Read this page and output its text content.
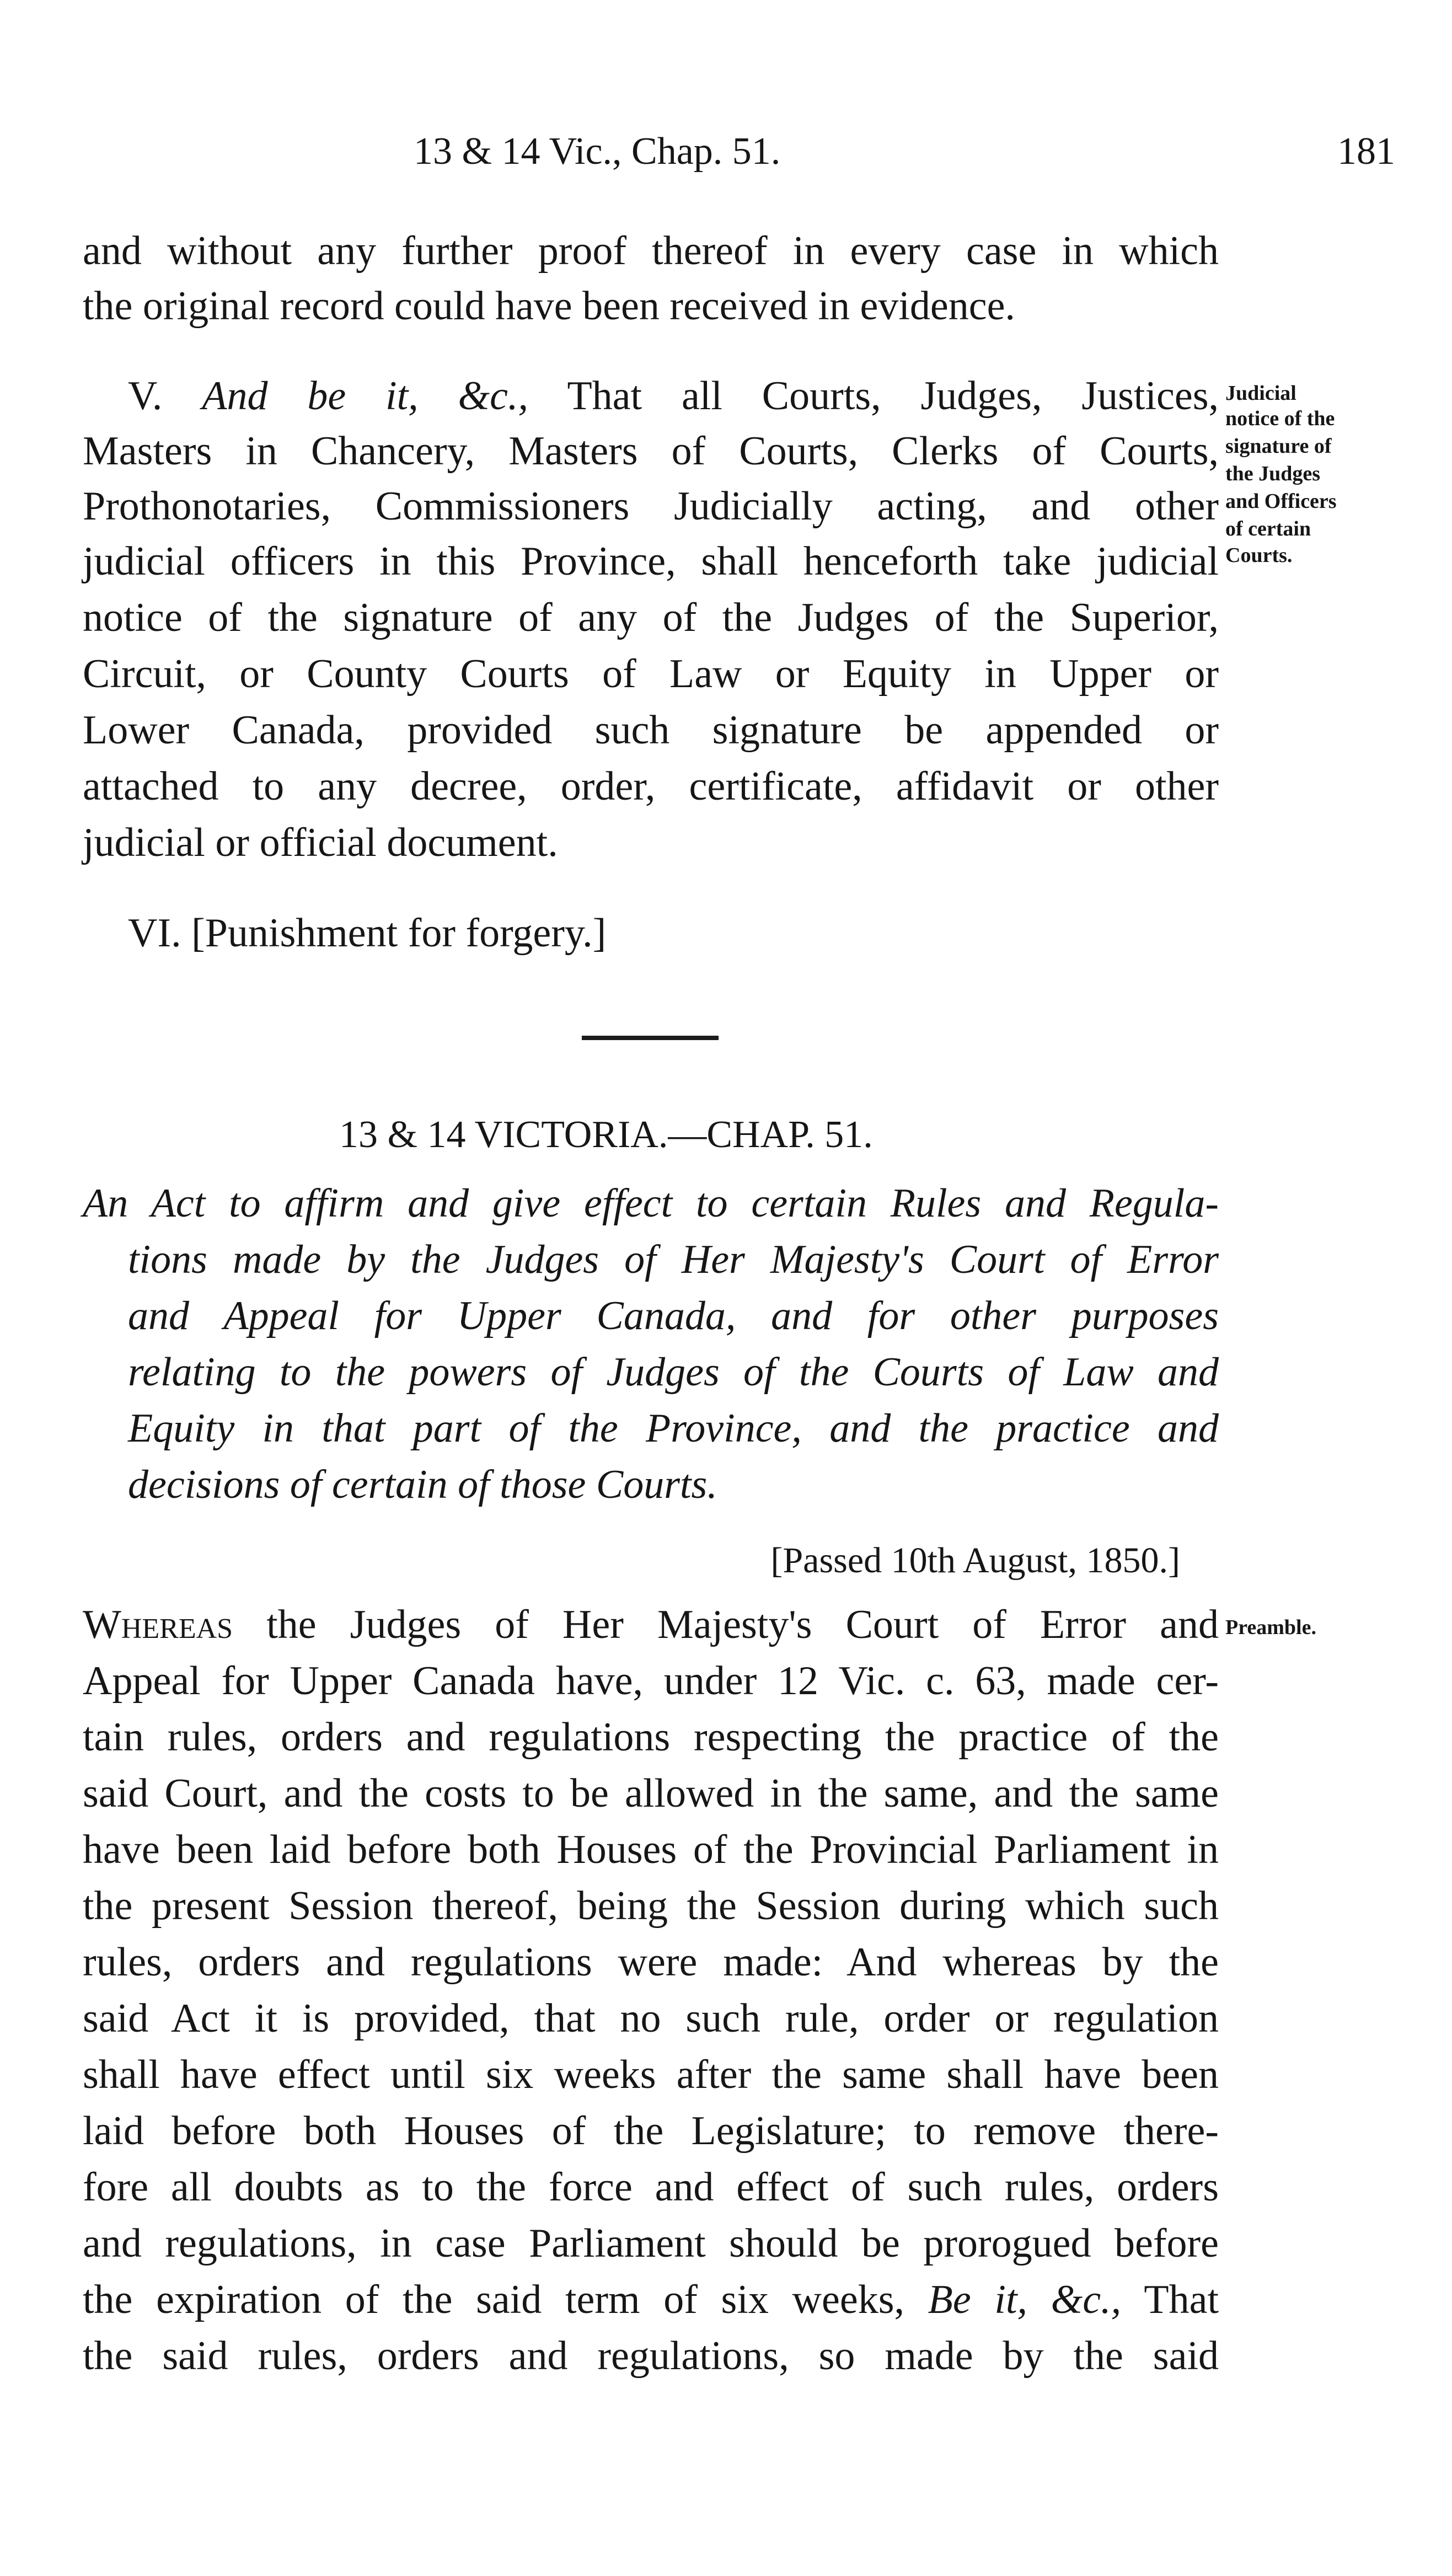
13 & 14 Vic., Chap. 51.	181
and without any further proof thereof in every case in which
the original record could have been received in evidence.
V. And be it, &c., That all Courts, Judges, Justices,
Masters in Chancery, Masters of Courts, Clerks of Courts,
Prothonotaries, Commissioners Judicially acting, and other
judicial officers in this Province, shall henceforth take judicial
notice of the signature of any of the Judges of the Superior,
Circuit, or County Courts of Law or Equity in Upper or
Lower Canada, provided such signature be appended or
attached to any decree, order, certificate, affidavit or other
judicial or official document.
Judicial
notice of the
signature of
the Judges
and Officers
of certain
Courts.
VI. [Punishment for forgery.]
13 & 14 VICTORIA.—CHAP. 51.
An Act to affirm and give effect to certain Rules and Regula-
tions made by the Judges of Her Majesty's Court of Error
and Appeal for Upper Canada, and for other purposes
relating to the powers of Judges of the Courts of Law and
Equity in that part of the Province, and the practice and
decisions of certain of those Courts.
[Passed 10th August, 1850.]
Whereas the Judges of Her Majesty's Court of Error and Preamble.
Appeal for Upper Canada have, under 12 Vic. c. 63, made cer-
tain rules, orders and regulations respecting the practice of the
said Court, and the costs to be allowed in the same, and the same
have been laid before both Houses of the Provincial Parliament in
the present Session thereof, being the Session during which such
rules, orders and regulations were made: And whereas by the
said Act it is provided, that no such rule, order or regulation
shall have effect until six weeks after the same shall have been
laid before both Houses of the Legislature; to remove there-
fore all doubts as to the force and effect of such rules, orders
and regulations, in case Parliament should be prorogued before
the expiration of the said term of six weeks, Be it, &c., That
the said rules, orders and regulations, so made by the said
